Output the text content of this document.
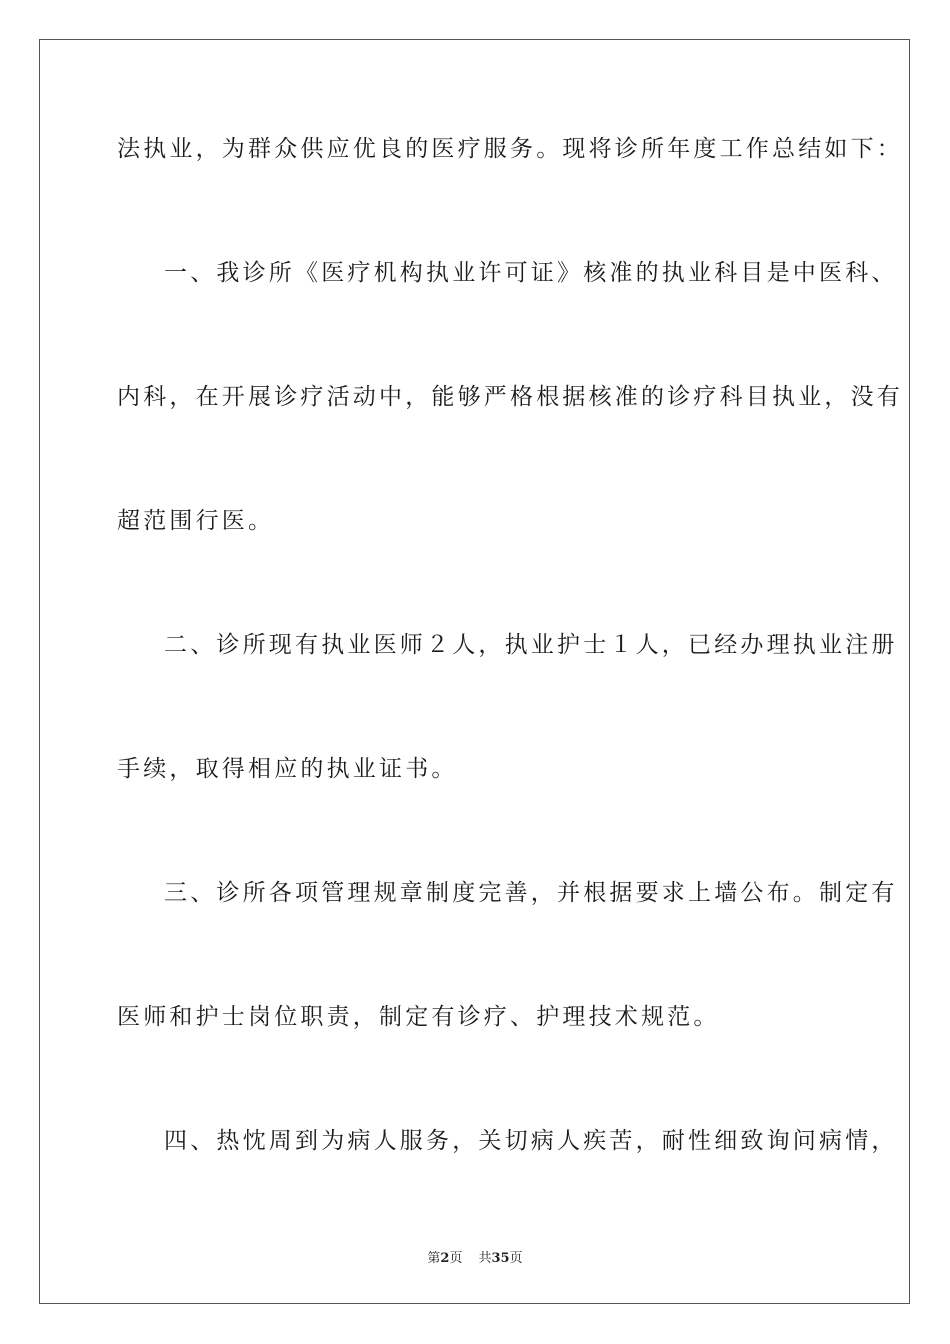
法执业，为群众供应优良的医疗服务。现将诊所年度工作总结如下：
一、我诊所《医疗机构执业许可证》核准的执业科目是中医科、
内科，在开展诊疗活动中，能够严格根据核准的诊疗科目执业，没有
超范围行医。
二、诊所现有执业医师２人，执业护士１人，已经办理执业注册
手续，取得相应的执业证书。
三、诊所各项管理规章制度完善，并根据要求上墙公布。制定有
医师和护士岗位职责，制定有诊疗、护理技术规范。
四、热忱周到为病人服务，关切病人疾苦，耐性细致询问病情，
第2页 共35页
